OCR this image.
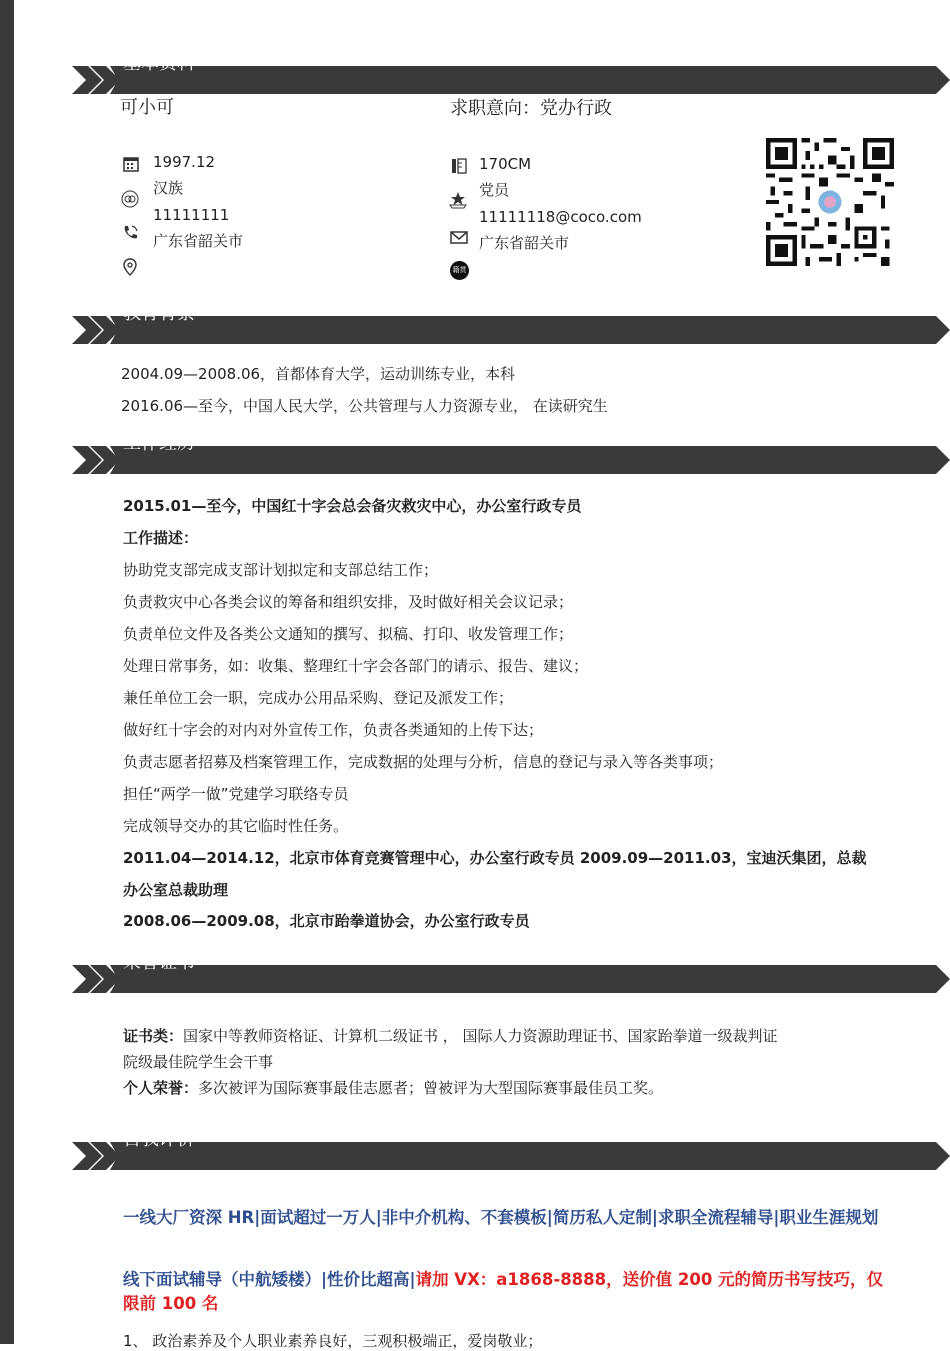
基本资料
可小可	求职意向：党办行政
1997.12
汉族
11111111
广东省韶关市
籍贯
170CM
党员
11111118@coco.com
广东省韶关市
教育背景
2004.09—2008.06，首都体育大学，运动训练专业，本科
2016.06—至今，中国人民大学，公共管理与人力资源专业， 在读研究生
工作经历
2015.01—至今，中国红十字会总会备灾救灾中心，办公室行政专员
工作描述：
协助党支部完成支部计划拟定和支部总结工作；
负责救灾中心各类会议的筹备和组织安排，及时做好相关会议记录；
负责单位文件及各类公文通知的撰写、拟稿、打印、收发管理工作；
处理日常事务，如：收集、整理红十字会各部门的请示、报告、建议；
兼任单位工会一职，完成办公用品采购、登记及派发工作；
做好红十字会的对内对外宣传工作，负责各类通知的上传下达；
负责志愿者招募及档案管理工作，完成数据的处理与分析，信息的登记与录入等各类事项；
担任“两学一做”党建学习联络专员
完成领导交办的其它临时性任务。
2011.04—2014.12，北京市体育竞赛管理中心，办公室行政专员 2009.09—2011.03，宝迪沃集团，总裁
办公室总裁助理
2008.06—2009.08，北京市跆拳道协会，办公室行政专员
荣誉证书
证书类：国家中等教师资格证、计算机二级证书 ， 国际人力资源助理证书、国家跆拳道一级裁判证
院级最佳院学生会干事
个人荣誉：多次被评为国际赛事最佳志愿者；曾被评为大型国际赛事最佳员工奖。
自我评价
一线大厂资深 HR|面试超过一万人|非中介机构、不套模板|简历私人定制|求职全流程辅导|职业生涯规划
线下面试辅导（中航矮楼）|性价比超高|请加 VX：a1868-8888，送价值 200 元的简历书写技巧，仅限前 100 名
1、 政治素养及个人职业素养良好，三观积极端正，爱岗敬业；
